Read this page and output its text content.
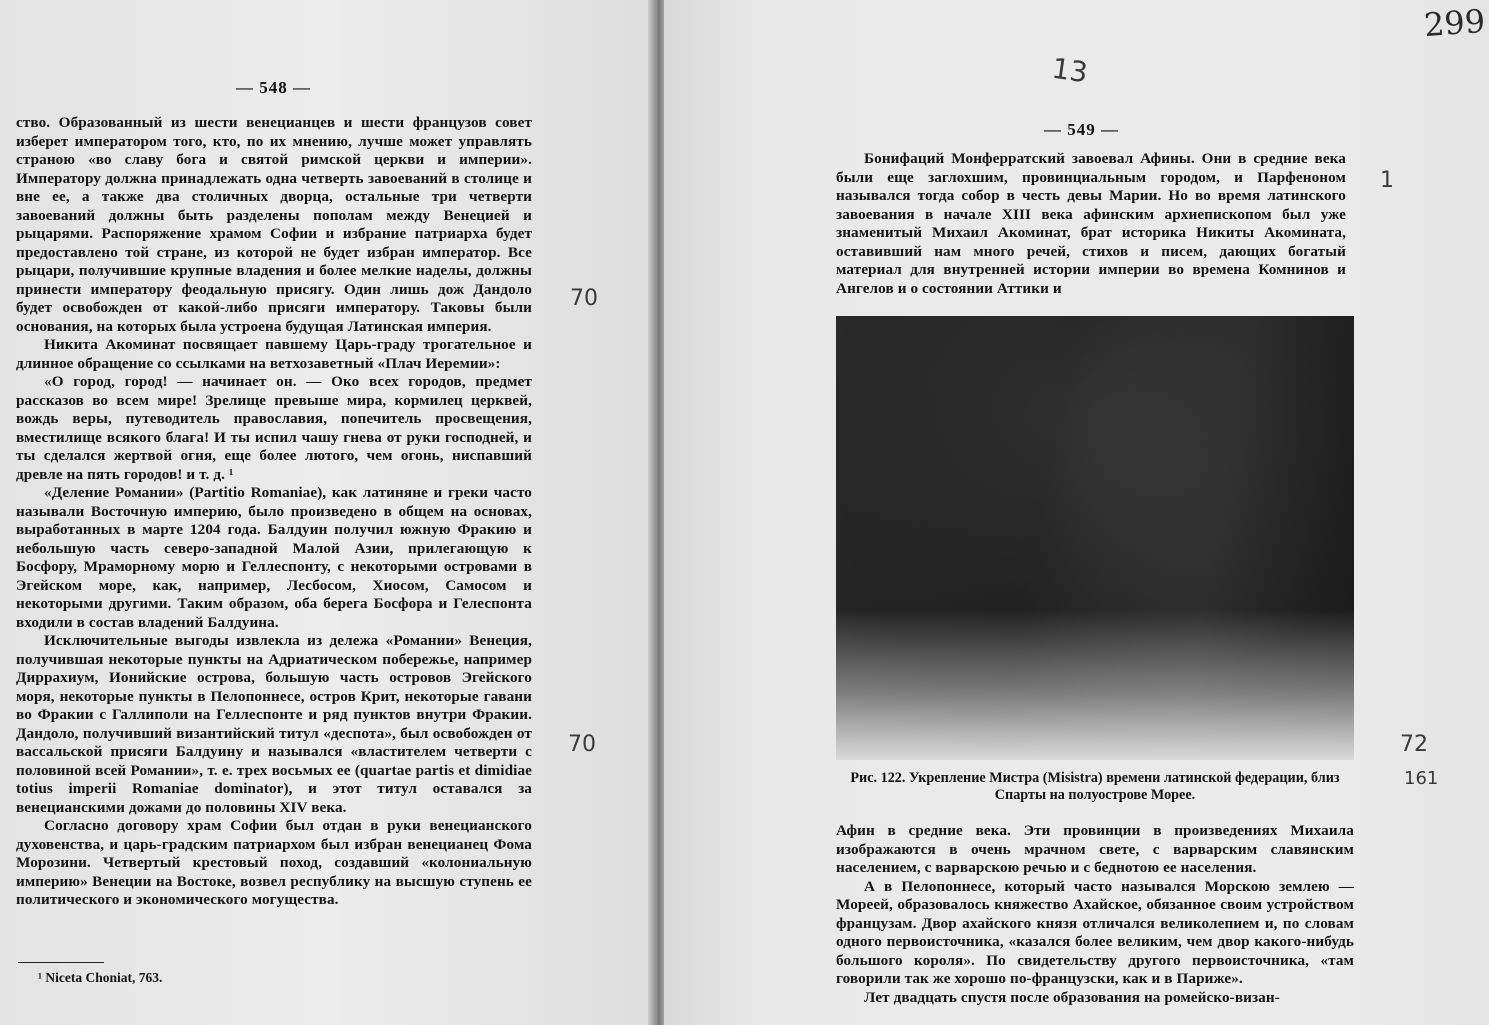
— 548 —

ство. Образованный из шести венецианцев и шести французов совет изберет императором того, кто, по их мнению, лучше может управлять страною «во славу бога и святой римской церкви и империи». Императору должна принадлежать одна четверть завоеваний в столице и вне ее, а также два столичных дворца, остальные три четверти завоеваний должны быть разделены пополам между Венецией и рыцарями. Распоряжение храмом Софии и избрание патриарха будет предоставлено той стране, из которой не будет избран император. Все рыцари, получившие крупные владения и более мелкие наделы, должны принести императору феодальную присягу. Один лишь дож Дандоло будет освобожден от какой-либо присяги императору. Таковы были основания, на которых была устроена будущая Латинская империя.

Никита Акоминат посвящает павшему Царь-граду трогательное и длинное обращение со ссылками на ветхозаветный «Плач Иеремии»:

«О город, город! — начинает он. — Око всех городов, предмет рассказов во всем мире! Зрелище превыше мира, кормилец церквей, вождь веры, путеводитель православия, попечитель просвещения, вместилище всякого блага! И ты испил чашу гнева от руки господней, и ты сделался жертвой огня, еще более лютого, чем огонь, ниспавший древле на пять городов! и т. д. ¹

«Деление Романии» (Partitio Romaniae), как латиняне и греки часто называли Восточную империю, было произведено в общем на основах, выработанных в марте 1204 года. Балдуин получил южную Фракию и небольшую часть северо-западной Малой Азии, прилегающую к Босфору, Мраморному морю и Геллеспонту, с некоторыми островами в Эгейском море, как, например, Лесбосом, Хиосом, Самосом и некоторыми другими. Таким образом, оба берега Босфора и Гелеспонта входили в состав владений Балдуина.

Исключительные выгоды извлекла из дележа «Романии» Венеция, получившая некоторые пункты на Адриатическом побережье, например Диррахиум, Ионийские острова, большую часть островов Эгейского моря, некоторые пункты в Пелопоннесе, остров Крит, некоторые гавани во Фракии с Галлиполи на Геллеспонте и ряд пунктов внутри Фракии. Дандоло, получивший византийский титул «деспота», был освобожден от вассальской присяги Балдуину и назывался «властителем четверти с половиной всей Романии», т. е. трех восьмых ее (quartae partis et dimidiae totius imperii Romaniae dominator), и этот титул оставался за венецианскими дожами до половины XIV века.

Согласно договору храм Софии был отдан в руки венецианского духовенства, и царь-градским патриархом был избран венецианец Фома Морозини. Четвертый крестовый поход, создавший «колониальную империю» Венеции на Востоке, возвел республику на высшую ступень ее политического и экономического могущества.

¹ Niceta Choniat, 763.
70
70
— 549 —

Бонифаций Монферратский завоевал Афины. Они в средние века были еще заглохшим, провинциальным городом, и Парфеноном назывался тогда собор в честь девы Марии. Но во время латинского завоевания в начале XIII века афинским архиепископом был уже знаменитый Михаил Акоминат, брат историка Никиты Акомината, оставивший нам много речей, стихов и писем, дающих богатый материал для внутренней истории империи во времена Комнинов и Ангелов и о состоянии Аттики и

Рис. 122. Укрепление Мистра (Misistra) времени латинской федерации, близ Спарты на полуострове Морее.

Афин в средние века. Эти провинции в произведениях Михаила изображаются в очень мрачном свете, с варварским славянским населением, с варварскою речью и с беднотою ее населения.

А в Пелопоннесе, который часто назывался Морскою землею — Мореей, образовалось княжество Ахайское, обязанное своим устройством французам. Двор ахайского князя отличался великолепием и, по словам одного первоисточника, «казался более великим, чем двор какого-нибудь большого короля». По свидетельству другого первоисточника, «там говорили так же хорошо по-французски, как и в Париже».

Лет двадцать спустя после образования на ромейско-визан-

13
1
72
161
299
